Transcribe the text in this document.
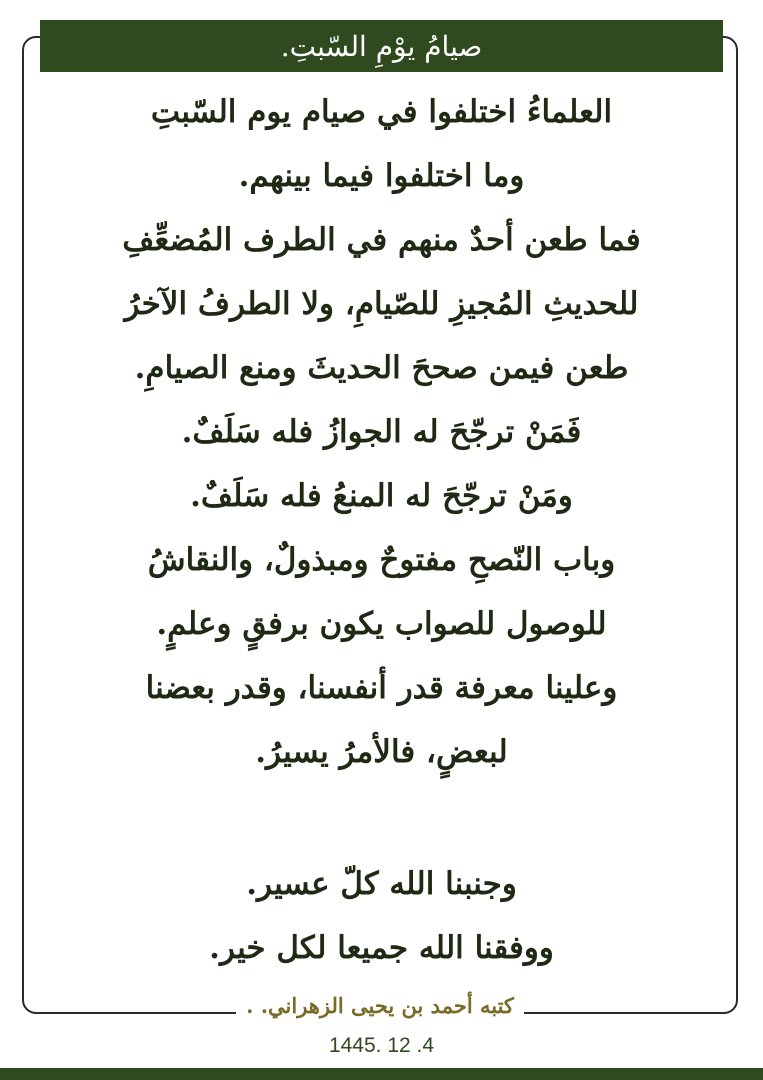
صيامُ يوْمِ السّبتِ.
العلماءُ اختلفوا في صيام يوم السّبتِ
وما اختلفوا فيما بينهم.
فما طعن أحدٌ منهم في الطرف المُضعِّفِ
للحديثِ المُجيزِ للصّيامِ، ولا الطرفُ الآخرُ
طعن فيمن صححَ الحديثَ ومنع الصيامِ.
فَمَنْ ترجّحَ له الجوازُ فله سَلَفٌ.
ومَنْ ترجّحَ له المنعُ فله سَلَفٌ.
وباب النّصحِ مفتوحٌ ومبذولٌ، والنقاشُ
للوصول للصواب يكون برفقٍ وعلمٍ.
وعلينا معرفة قدر أنفسنا، وقدر بعضنا
لبعضٍ، فالأمرُ يسيرُ.
وجنبنا الله كلّ عسير.
ووفقنا الله جميعا لكل خير.
كتبه أحمد بن يحيى الزهراني. .
1445. 12 .4
